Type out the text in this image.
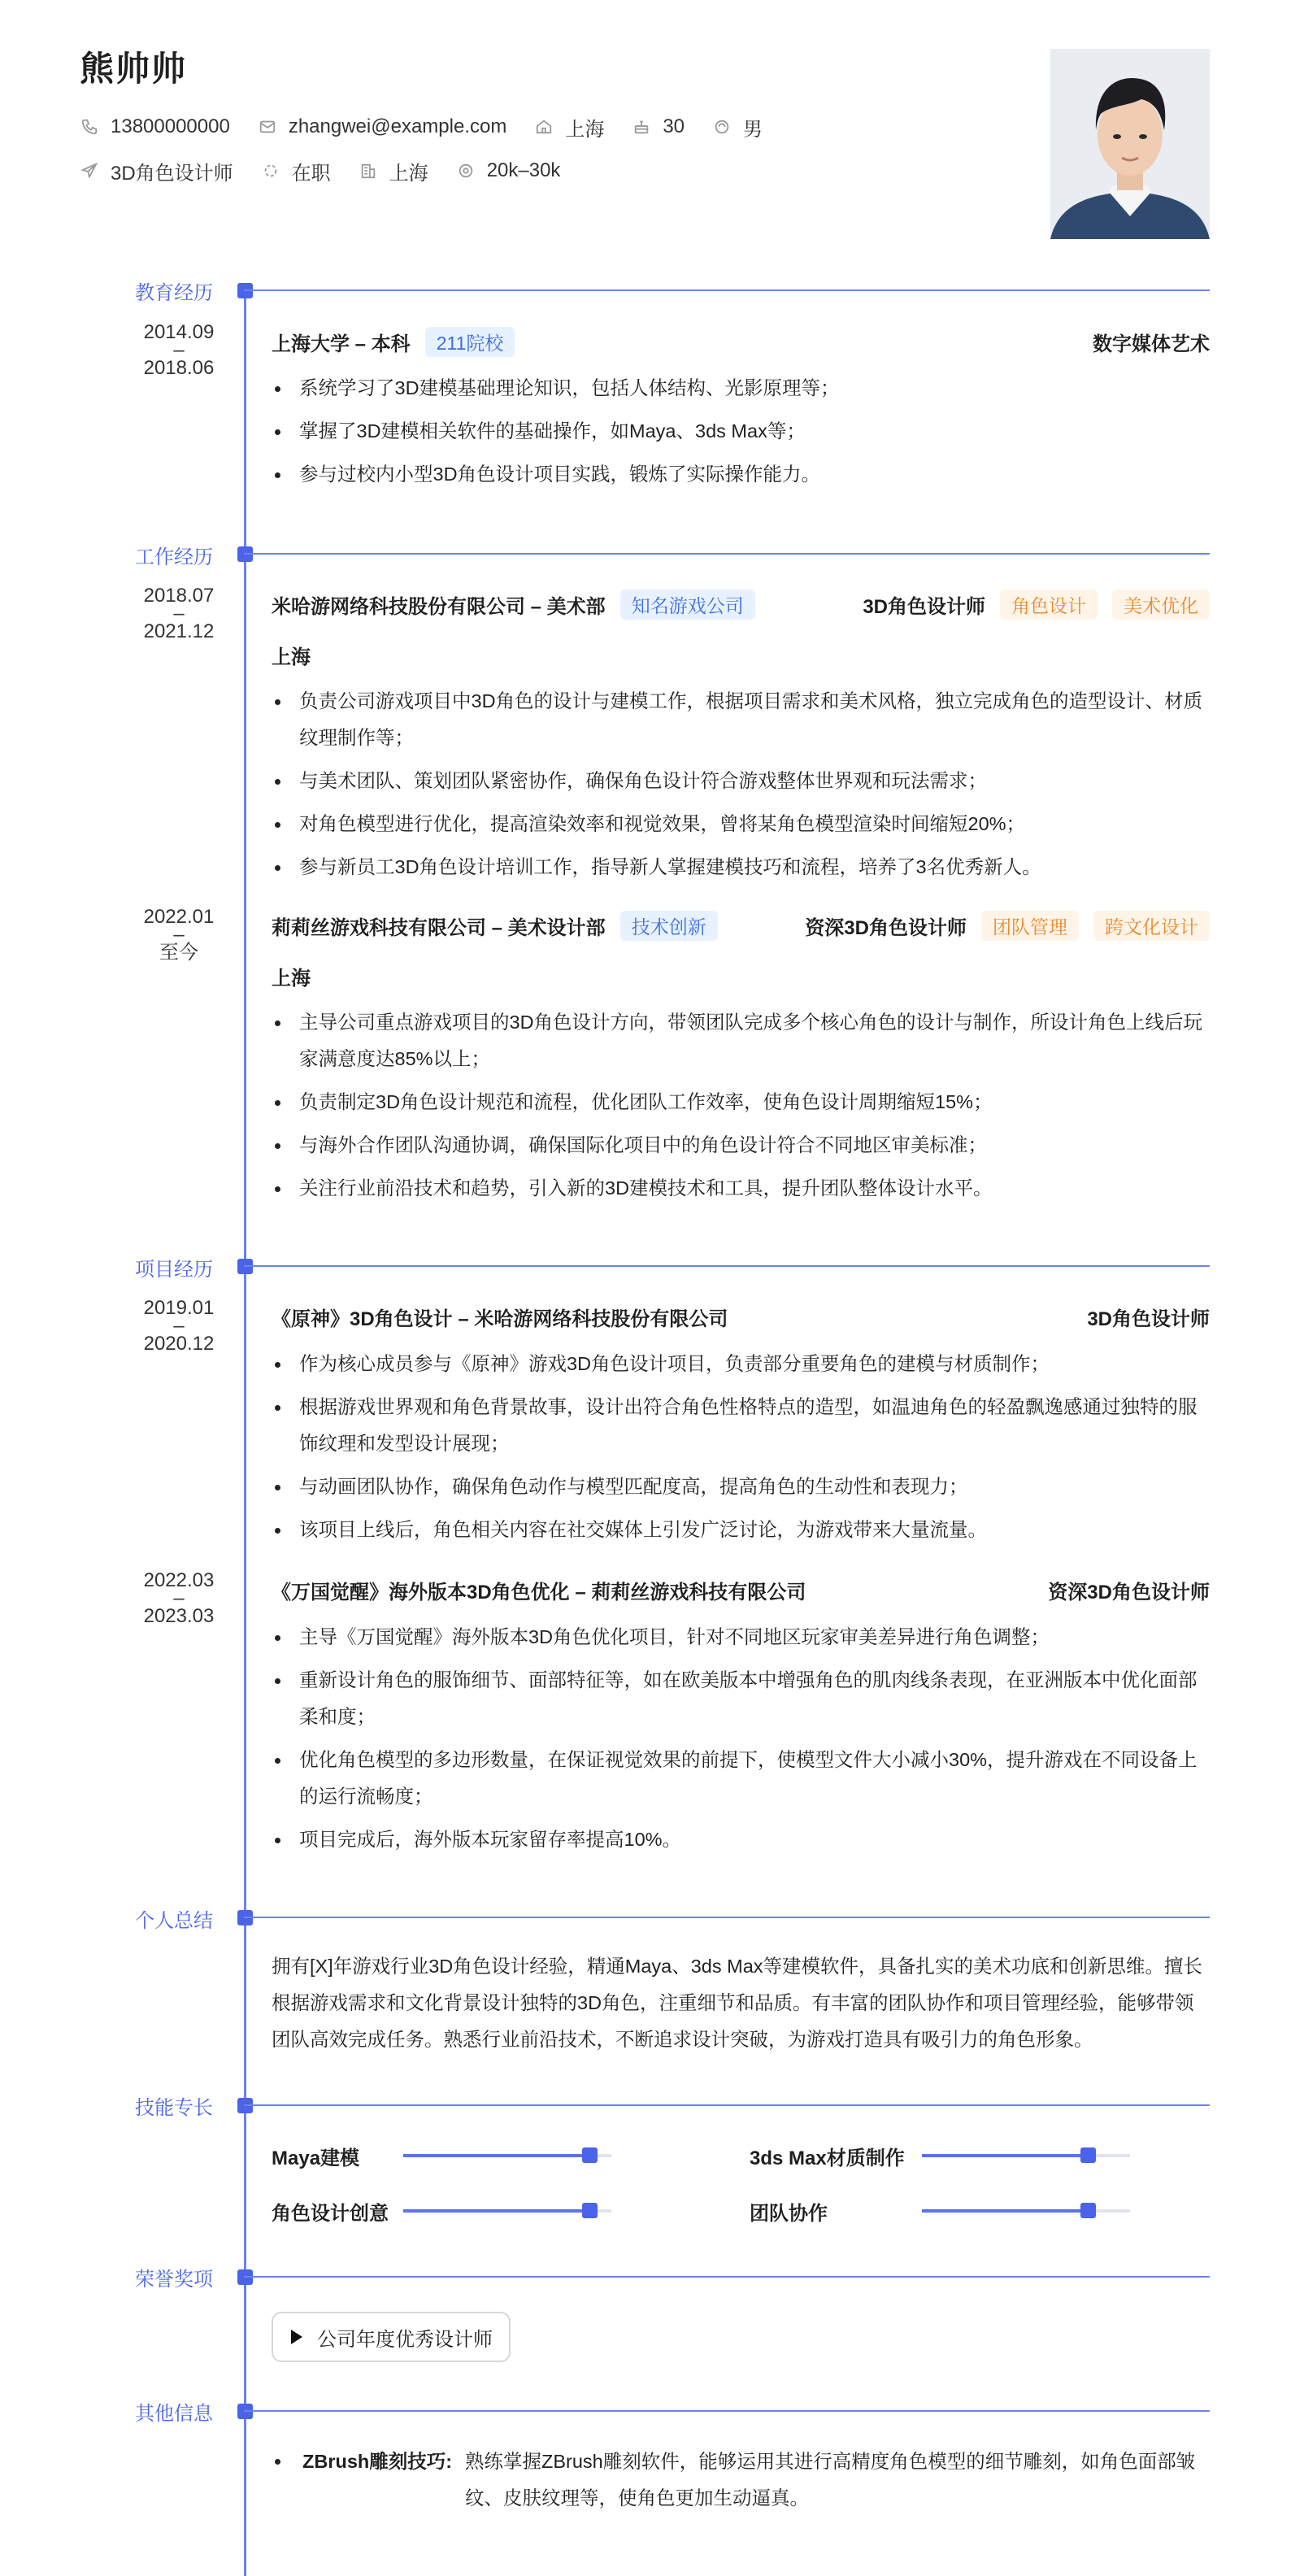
熊帅帅
13800000000	zhangwei@example.com	上海	30	男
3D角色设计师	在职	上海	20k–30k
教育经历
2014.09
–
2018.06
上海大学 – 本科	211院校	数字媒体艺术
系统学习了3D建模基础理论知识，包括人体结构、光影原理等；
掌握了3D建模相关软件的基础操作，如Maya、3ds Max等；
参与过校内小型3D角色设计项目实践，锻炼了实际操作能力。
工作经历
2018.07
–
2021.12
米哈游网络科技股份有限公司 – 美术部	知名游戏公司	3D角色设计师	角色设计	美术优化
上海
负责公司游戏项目中3D角色的设计与建模工作，根据项目需求和美术风格，独立完成角色的造型设计、材质纹理制作等；
与美术团队、策划团队紧密协作，确保角色设计符合游戏整体世界观和玩法需求；
对角色模型进行优化，提高渲染效率和视觉效果，曾将某角色模型渲染时间缩短20%；
参与新员工3D角色设计培训工作，指导新人掌握建模技巧和流程，培养了3名优秀新人。
2022.01
–
至今
莉莉丝游戏科技有限公司 – 美术设计部	技术创新	资深3D角色设计师	团队管理	跨文化设计
上海
主导公司重点游戏项目的3D角色设计方向，带领团队完成多个核心角色的设计与制作，所设计角色上线后玩家满意度达85%以上；
负责制定3D角色设计规范和流程，优化团队工作效率，使角色设计周期缩短15%；
与海外合作团队沟通协调，确保国际化项目中的角色设计符合不同地区审美标准；
关注行业前沿技术和趋势，引入新的3D建模技术和工具，提升团队整体设计水平。
项目经历
2019.01
–
2020.12
《原神》3D角色设计 – 米哈游网络科技股份有限公司	3D角色设计师
作为核心成员参与《原神》游戏3D角色设计项目，负责部分重要角色的建模与材质制作；
根据游戏世界观和角色背景故事，设计出符合角色性格特点的造型，如温迪角色的轻盈飘逸感通过独特的服饰纹理和发型设计展现；
与动画团队协作，确保角色动作与模型匹配度高，提高角色的生动性和表现力；
该项目上线后，角色相关内容在社交媒体上引发广泛讨论，为游戏带来大量流量。
2022.03
–
2023.03
《万国觉醒》海外版本3D角色优化 – 莉莉丝游戏科技有限公司	资深3D角色设计师
主导《万国觉醒》海外版本3D角色优化项目，针对不同地区玩家审美差异进行角色调整；
重新设计角色的服饰细节、面部特征等，如在欧美版本中增强角色的肌肉线条表现，在亚洲版本中优化面部柔和度；
优化角色模型的多边形数量，在保证视觉效果的前提下，使模型文件大小减小30%，提升游戏在不同设备上的运行流畅度；
项目完成后，海外版本玩家留存率提高10%。
个人总结
拥有[X]年游戏行业3D角色设计经验，精通Maya、3ds Max等建模软件，具备扎实的美术功底和创新思维。擅长根据游戏需求和文化背景设计独特的3D角色，注重细节和品质。有丰富的团队协作和项目管理经验，能够带领团队高效完成任务。熟悉行业前沿技术，不断追求设计突破，为游戏打造具有吸引力的角色形象。
技能专长
Maya建模	3ds Max材质制作
角色设计创意	团队协作
荣誉奖项
公司年度优秀设计师
其他信息
ZBrush雕刻技巧: 熟练掌握ZBrush雕刻软件，能够运用其进行高精度角色模型的细节雕刻，如角色面部皱纹、皮肤纹理等，使角色更加生动逼真。
